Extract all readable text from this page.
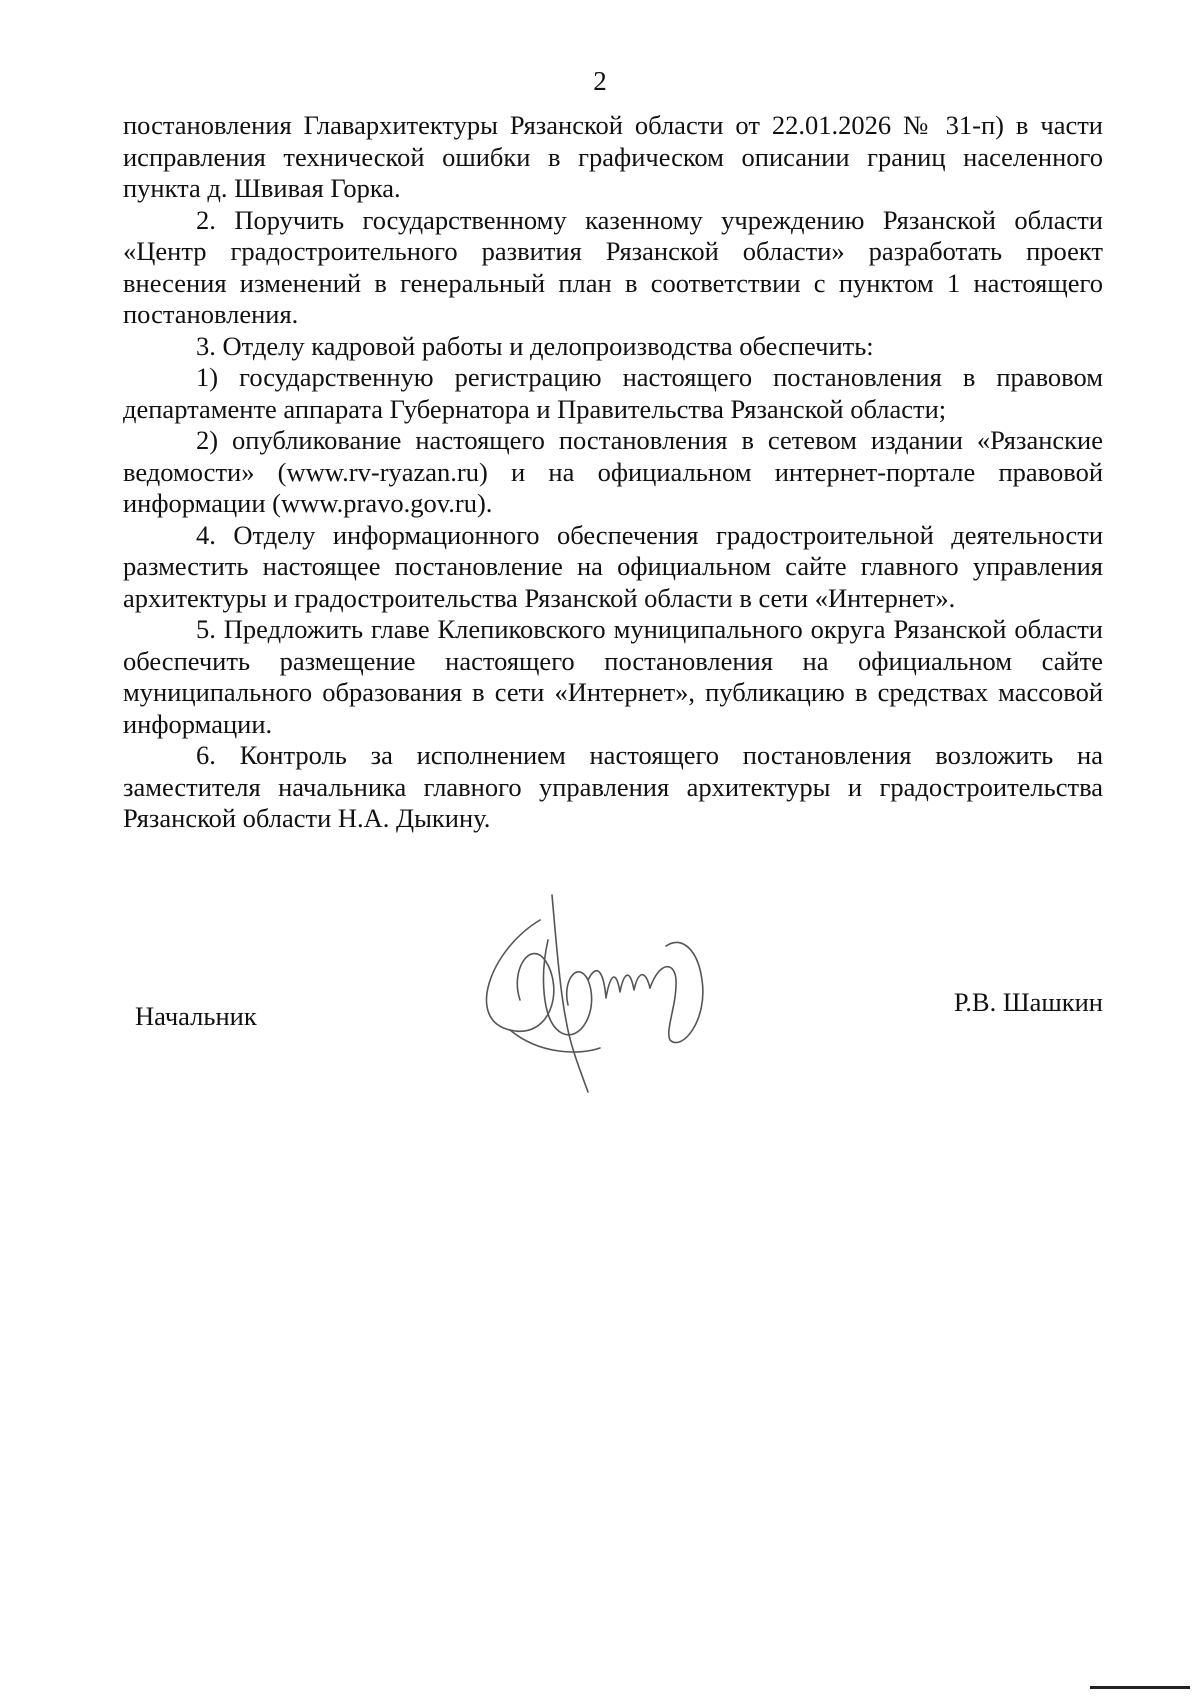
2

постановления Главархитектуры Рязанской области от 22.01.2026 № 31-п) в части исправления технической ошибки в графическом описании границ населенного пункта д. Швивая Горка.

2. Поручить государственному казенному учреждению Рязанской области «Центр градостроительного развития Рязанской области» разработать проект внесения изменений в генеральный план в соответствии с пунктом 1 настоящего постановления.

3. Отделу кадровой работы и делопроизводства обеспечить:

1) государственную регистрацию настоящего постановления в правовом департаменте аппарата Губернатора и Правительства Рязанской области;

2) опубликование настоящего постановления в сетевом издании «Рязанские ведомости» (www.rv-ryazan.ru) и на официальном интернет-портале правовой информации (www.pravo.gov.ru).

4. Отделу информационного обеспечения градостроительной деятельности разместить настоящее постановление на официальном сайте главного управления архитектуры и градостроительства Рязанской области в сети «Интернет».

5. Предложить главе Клепиковского муниципального округа Рязанской области обеспечить размещение настоящего постановления на официальном сайте муниципального образования в сети «Интернет», публикацию в средствах массовой информации.

6. Контроль за исполнением настоящего постановления возложить на заместителя начальника главного управления архитектуры и градостроительства Рязанской области Н.А. Дыкину.

Начальник	Р.В. Шашкин
